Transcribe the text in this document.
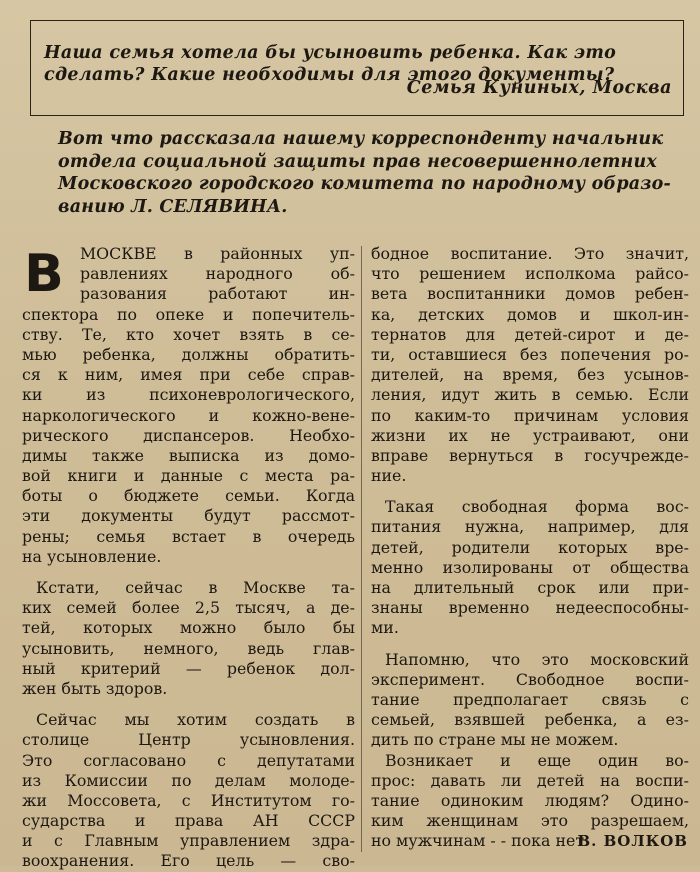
Наша семья хотела бы усыновить ребенка. Как это
сделать? Какие необходимы для этого документы?
Семья Куниных, Москва
Вот что рассказала нашему корреспонденту начальник
отдела социальной защиты прав несовершеннолетних
Московского городского комитета по народному образо-
ванию Л. СЕЛЯВИНА.
В МОСКВЕ в районных уп-
равлениях народного об-
разования работают ин-
спектора по опеке и попечитель-
ству. Те, кто хочет взять в се-
мью ребенка, должны обратить-
ся к ним, имея при себе справ-
ки из психоневрологического,
наркологического и кожно-вене-
рического диспансеров. Необхо-
димы также выписка из домо-
вой книги и данные с места ра-
боты о бюджете семьи. Когда
эти документы будут рассмот-
рены; семья встает в очередь
на усыновление.
Кстати, сейчас в Москве та-
ких семей более 2,5 тысяч, а де-
тей, которых можно было бы
усыновить, немного, ведь глав-
ный критерий — ребенок дол-
жен быть здоров.
Сейчас мы хотим создать в
столице Центр усыновления.
Это согласовано с депутатами
из Комиссии по делам молоде-
жи Моссовета, с Институтом го-
сударства и права АН СССР
и с Главным управлением здра-
воохранения. Его цель — сво-
бодное воспитание. Это значит,
что решением исполкома райсо-
вета воспитанники домов ребен-
ка, детских домов и школ-ин-
тернатов для детей-сирот и де-
ти, оставшиеся без попечения ро-
дителей, на время, без усынов-
ления, идут жить в семью. Если
по каким-то причинам условия
жизни их не устраивают, они
вправе вернуться в госучрежде-
ние.
Такая свободная форма вос-
питания нужна, например, для
детей, родители которых вре-
менно изолированы от общества
на длительный срок или при-
знаны временно недееспособны-
ми.
Напомню, что это московский
эксперимент. Свободное воспи-
тание предполагает связь с
семьей, взявшей ребенка, а ез-
дить по стране мы не можем.
Возникает и еще один во-
прос: давать ли детей на воспи-
тание одиноким людям? Одино-
ким женщинам это разрешаем,
но мужчинам - - пока нет.
В. ВОЛКОВ
